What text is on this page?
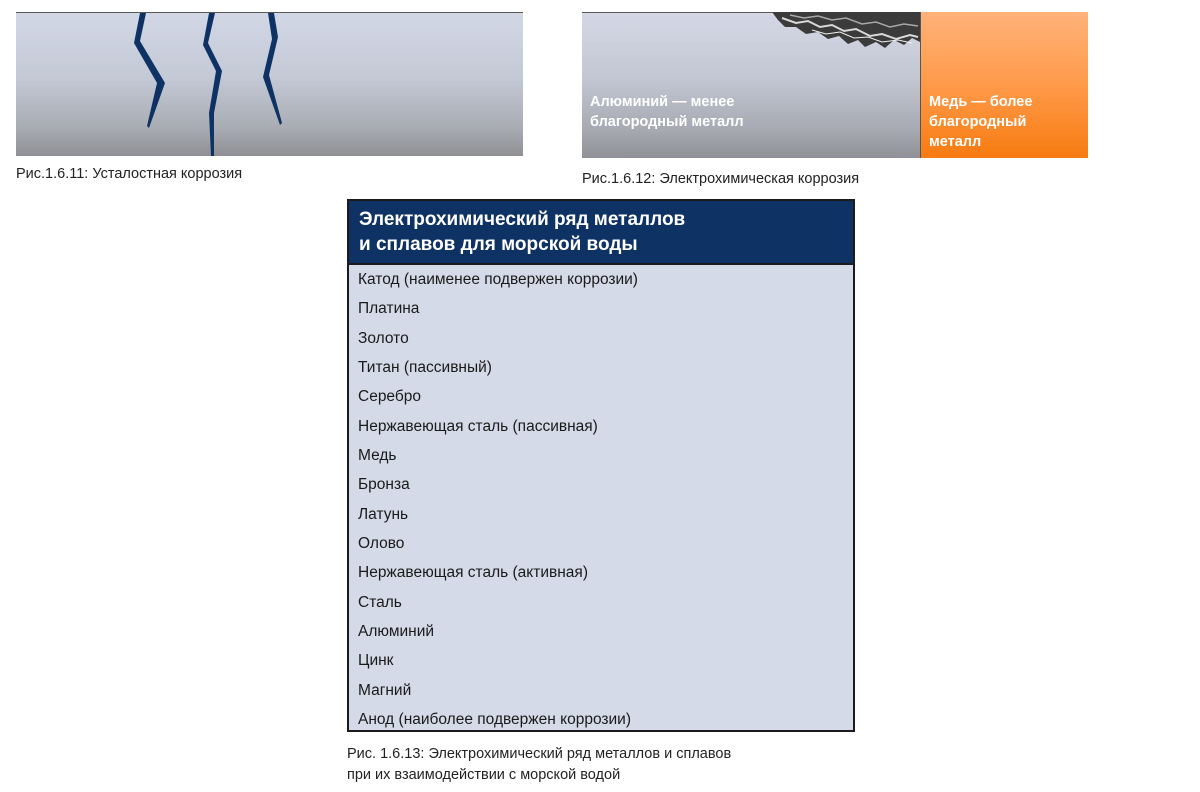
Рис.1.6.11: Усталостная коррозия
Алюминий — менее
благородный металл
Медь — более
благородный
металл
Рис.1.6.12: Электрохимическая коррозия
Электрохимический ряд металлов
и сплавов для морской воды
Катод (наименее подвержен коррозии)
Платина
Золото
Титан (пассивный)
Серебро
Нержавеющая сталь (пассивная)
Медь
Бронза
Латунь
Олово
Нержавеющая сталь (активная)
Сталь
Алюминий
Цинк
Магний
Анод (наиболее подвержен коррозии)
Рис. 1.6.13: Электрохимический ряд металлов и сплавов
при их взаимодействии с морской водой
